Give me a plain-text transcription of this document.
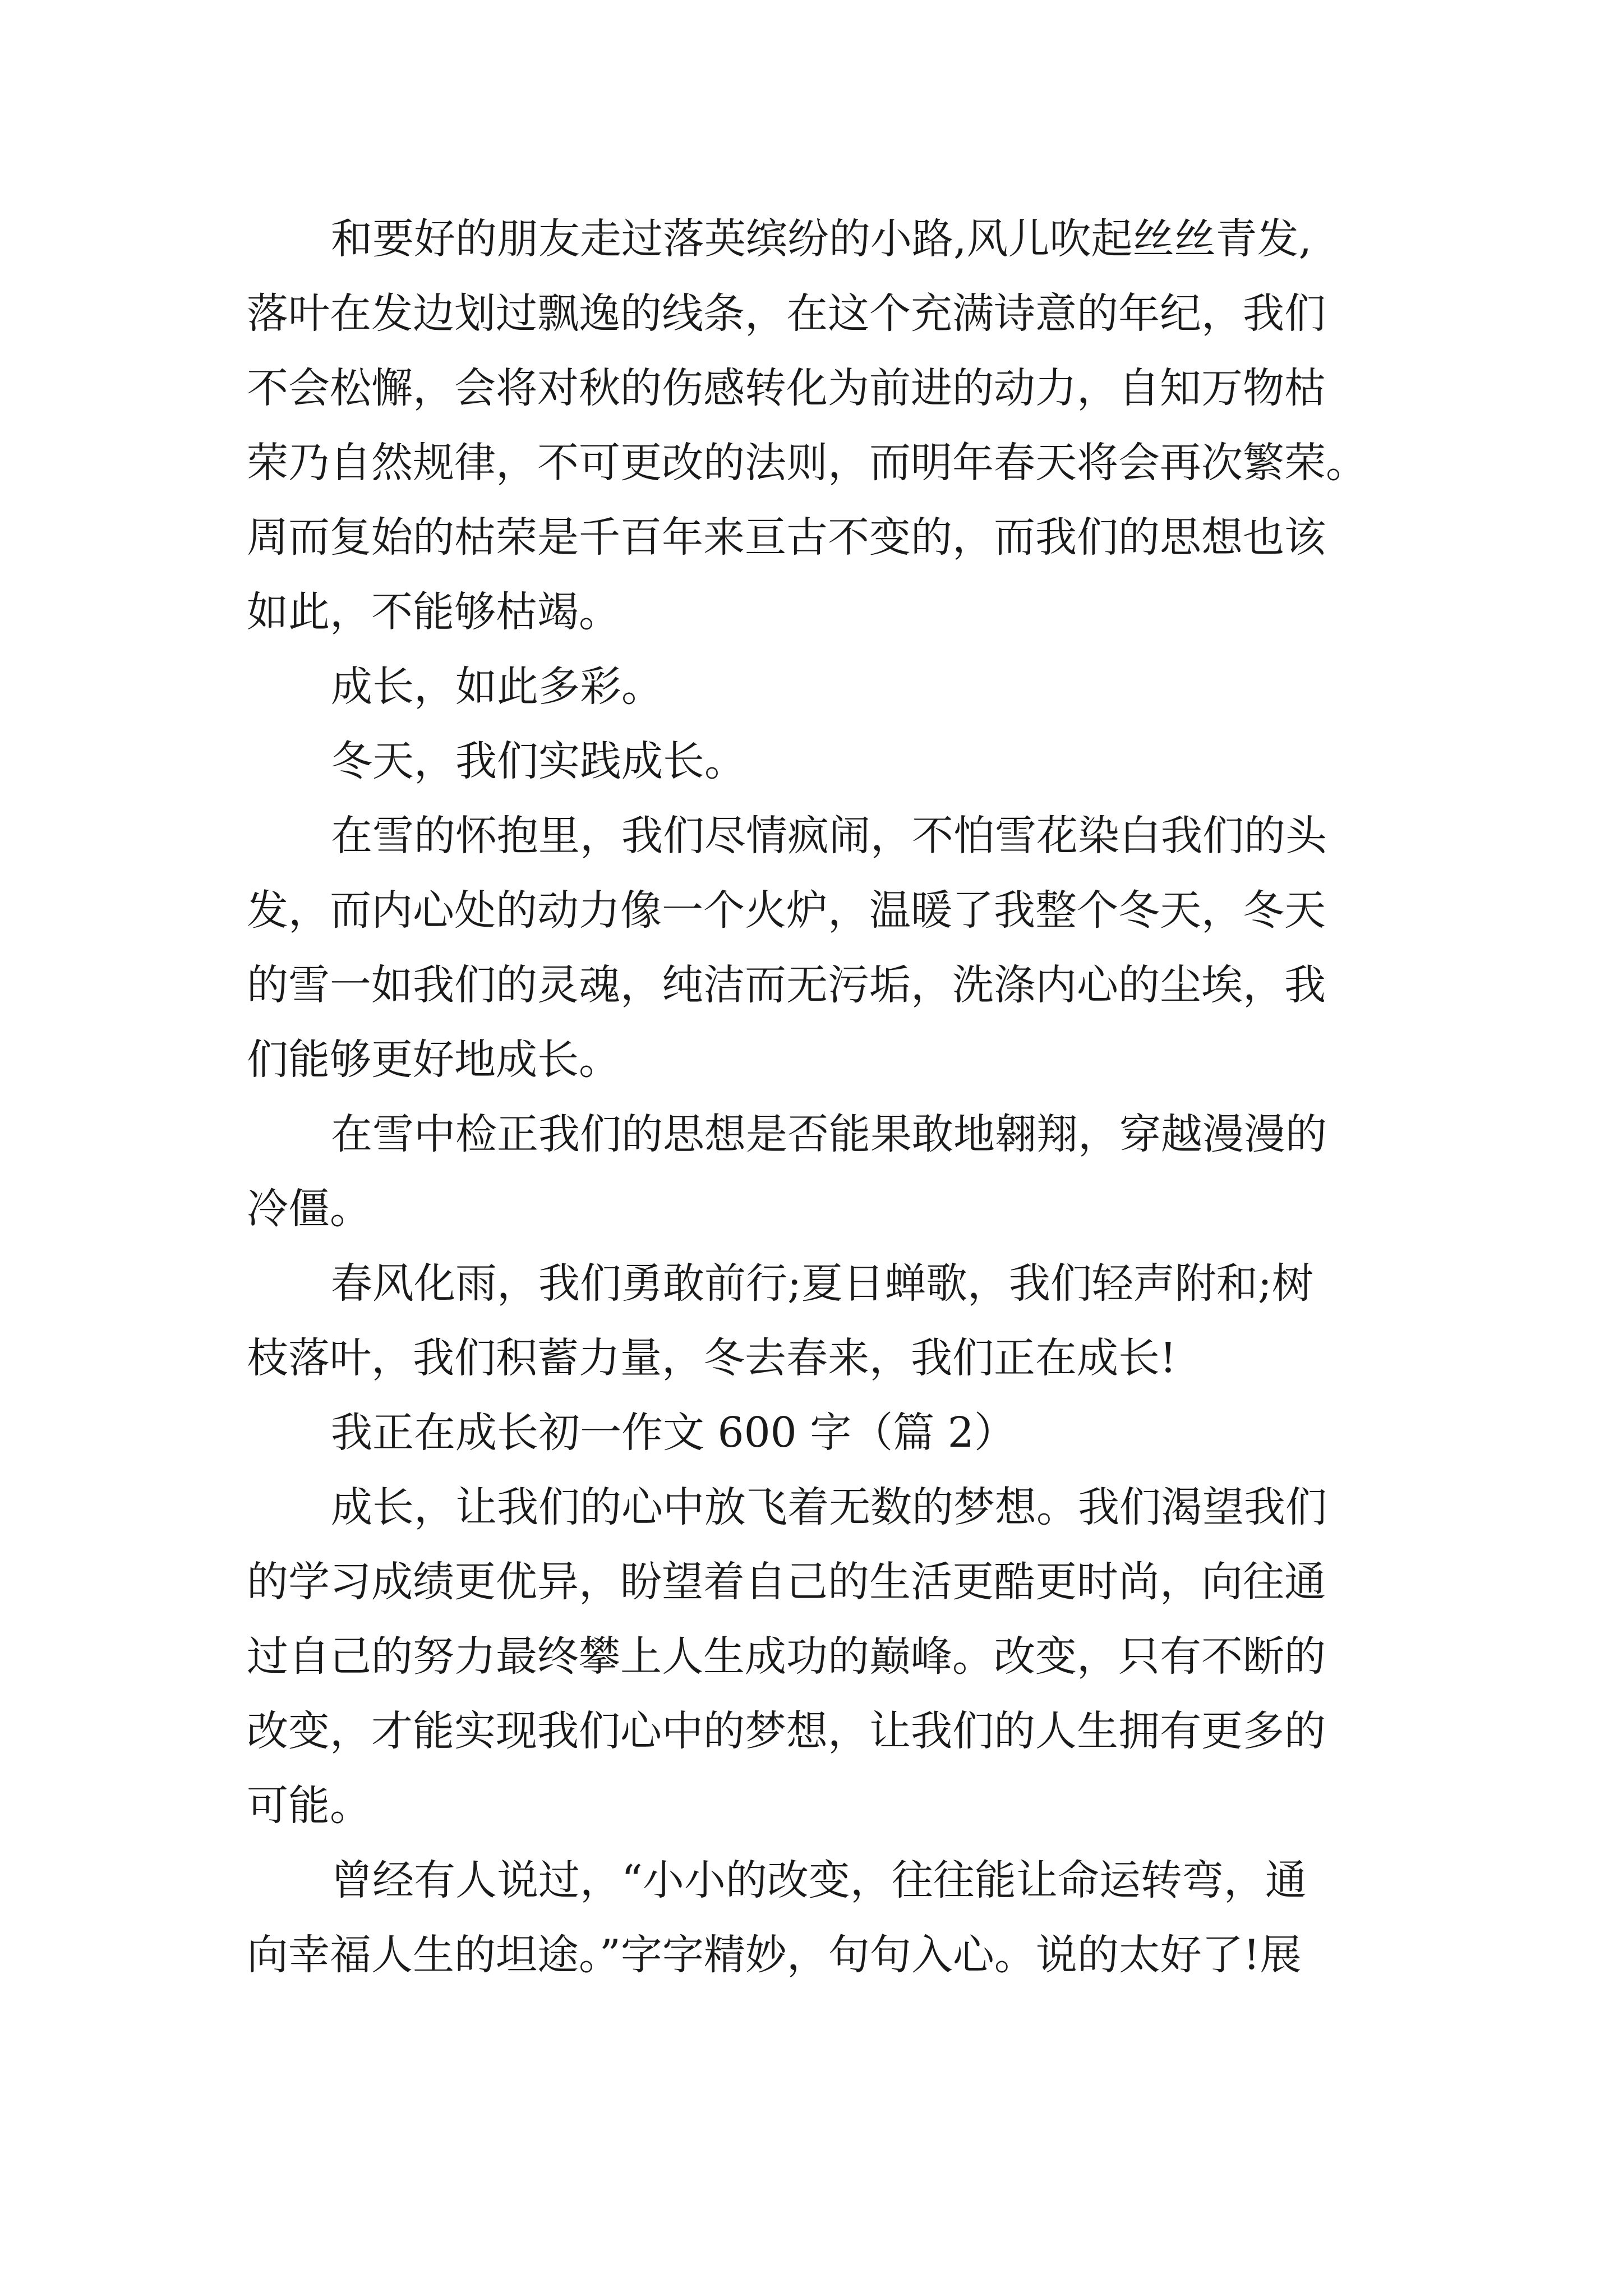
和要好的朋友走过落英缤纷的小路,风儿吹起丝丝青发,
落叶在发边划过飘逸的线条，在这个充满诗意的年纪，我们
不会松懈，会将对秋的伤感转化为前进的动力，自知万物枯
荣乃自然规律，不可更改的法则，而明年春天将会再次繁荣。
周而复始的枯荣是千百年来亘古不变的，而我们的思想也该
如此，不能够枯竭。

成长，如此多彩。

冬天，我们实践成长。

在雪的怀抱里，我们尽情疯闹，不怕雪花染白我们的头
发，而内心处的动力像一个火炉，温暖了我整个冬天，冬天
的雪一如我们的灵魂，纯洁而无污垢，洗涤内心的尘埃，我
们能够更好地成长。

在雪中检正我们的思想是否能果敢地翱翔，穿越漫漫的
冷僵。

春风化雨，我们勇敢前行;夏日蝉歌，我们轻声附和;树
枝落叶，我们积蓄力量，冬去春来，我们正在成长!

我正在成长初一作文 600 字（篇 2）

成长，让我们的心中放飞着无数的梦想。我们渴望我们
的学习成绩更优异，盼望着自己的生活更酷更时尚，向往通
过自己的努力最终攀上人生成功的巅峰。改变，只有不断的
改变，才能实现我们心中的梦想，让我们的人生拥有更多的
可能。

曾经有人说过，“小小的改变，往往能让命运转弯，通
向幸福人生的坦途。”字字精妙，句句入心。说的太好了!展
